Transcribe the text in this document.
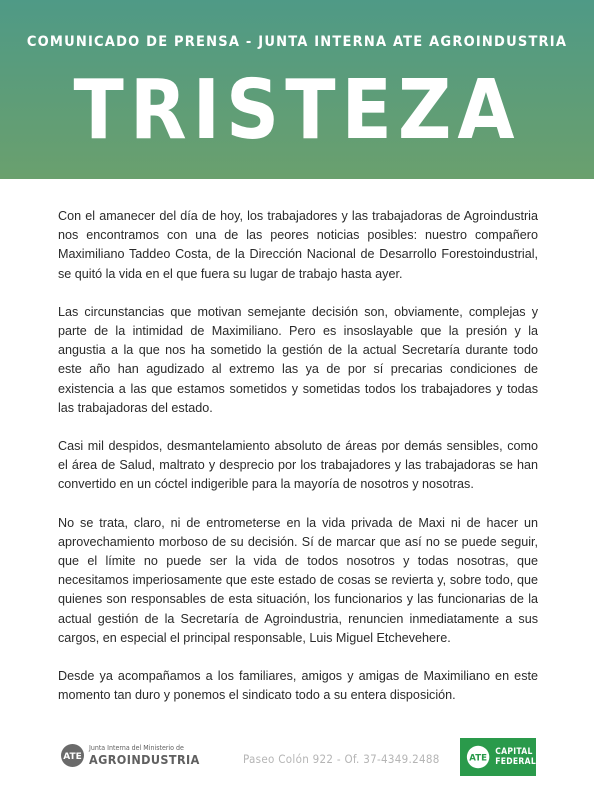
COMUNICADO DE PRENSA - JUNTA INTERNA ATE AGROINDUSTRIA
TRISTEZA

Con el amanecer del día de hoy, los trabajadores y las trabajadoras de Agroindustria nos encontramos con una de las peores noticias posibles: nuestro compañero Maximiliano Taddeo Costa, de la Dirección Nacional de Desarrollo Forestoindustrial, se quitó la vida en el que fuera su lugar de trabajo hasta ayer.

Las circunstancias que motivan semejante decisión son, obviamente, complejas y parte de la intimidad de Maximiliano. Pero es insoslayable que la presión y la angustia a la que nos ha sometido la gestión de la actual Secretaría durante todo este año han agudizado al extremo las ya de por sí precarias condiciones de existencia a las que estamos sometidos y sometidas todos los trabajadores y todas las trabajadoras del estado.

Casi mil despidos, desmantelamiento absoluto de áreas por demás sensibles, como el área de Salud, maltrato y desprecio por los trabajadores y las trabajadoras se han convertido en un cóctel indigerible para la mayoría de nosotros y nosotras.

No se trata, claro, ni de entrometerse en la vida privada de Maxi ni de hacer un aprovechamiento morboso de su decisión. Sí de marcar que así no se puede seguir, que el límite no puede ser la vida de todos nosotros y todas nosotras, que necesitamos imperiosamente que este estado de cosas se revierta y, sobre todo, que quienes son responsables de esta situación, los funcionarios y las funcionarias de la actual gestión de la Secretaría de Agroindustria, renuncien inmediatamente a sus cargos, en especial el principal responsable, Luis Miguel Etchevehere.

Desde ya acompañamos a los familiares, amigos y amigas de Maximiliano en este momento tan duro y ponemos el sindicato todo a su entera disposición.

ATE
Junta Interna del Ministerio de
AGROINDUSTRIA	Paseo Colón 922 - Of. 37-4349.2488	ATE
CAPITAL
FEDERAL
